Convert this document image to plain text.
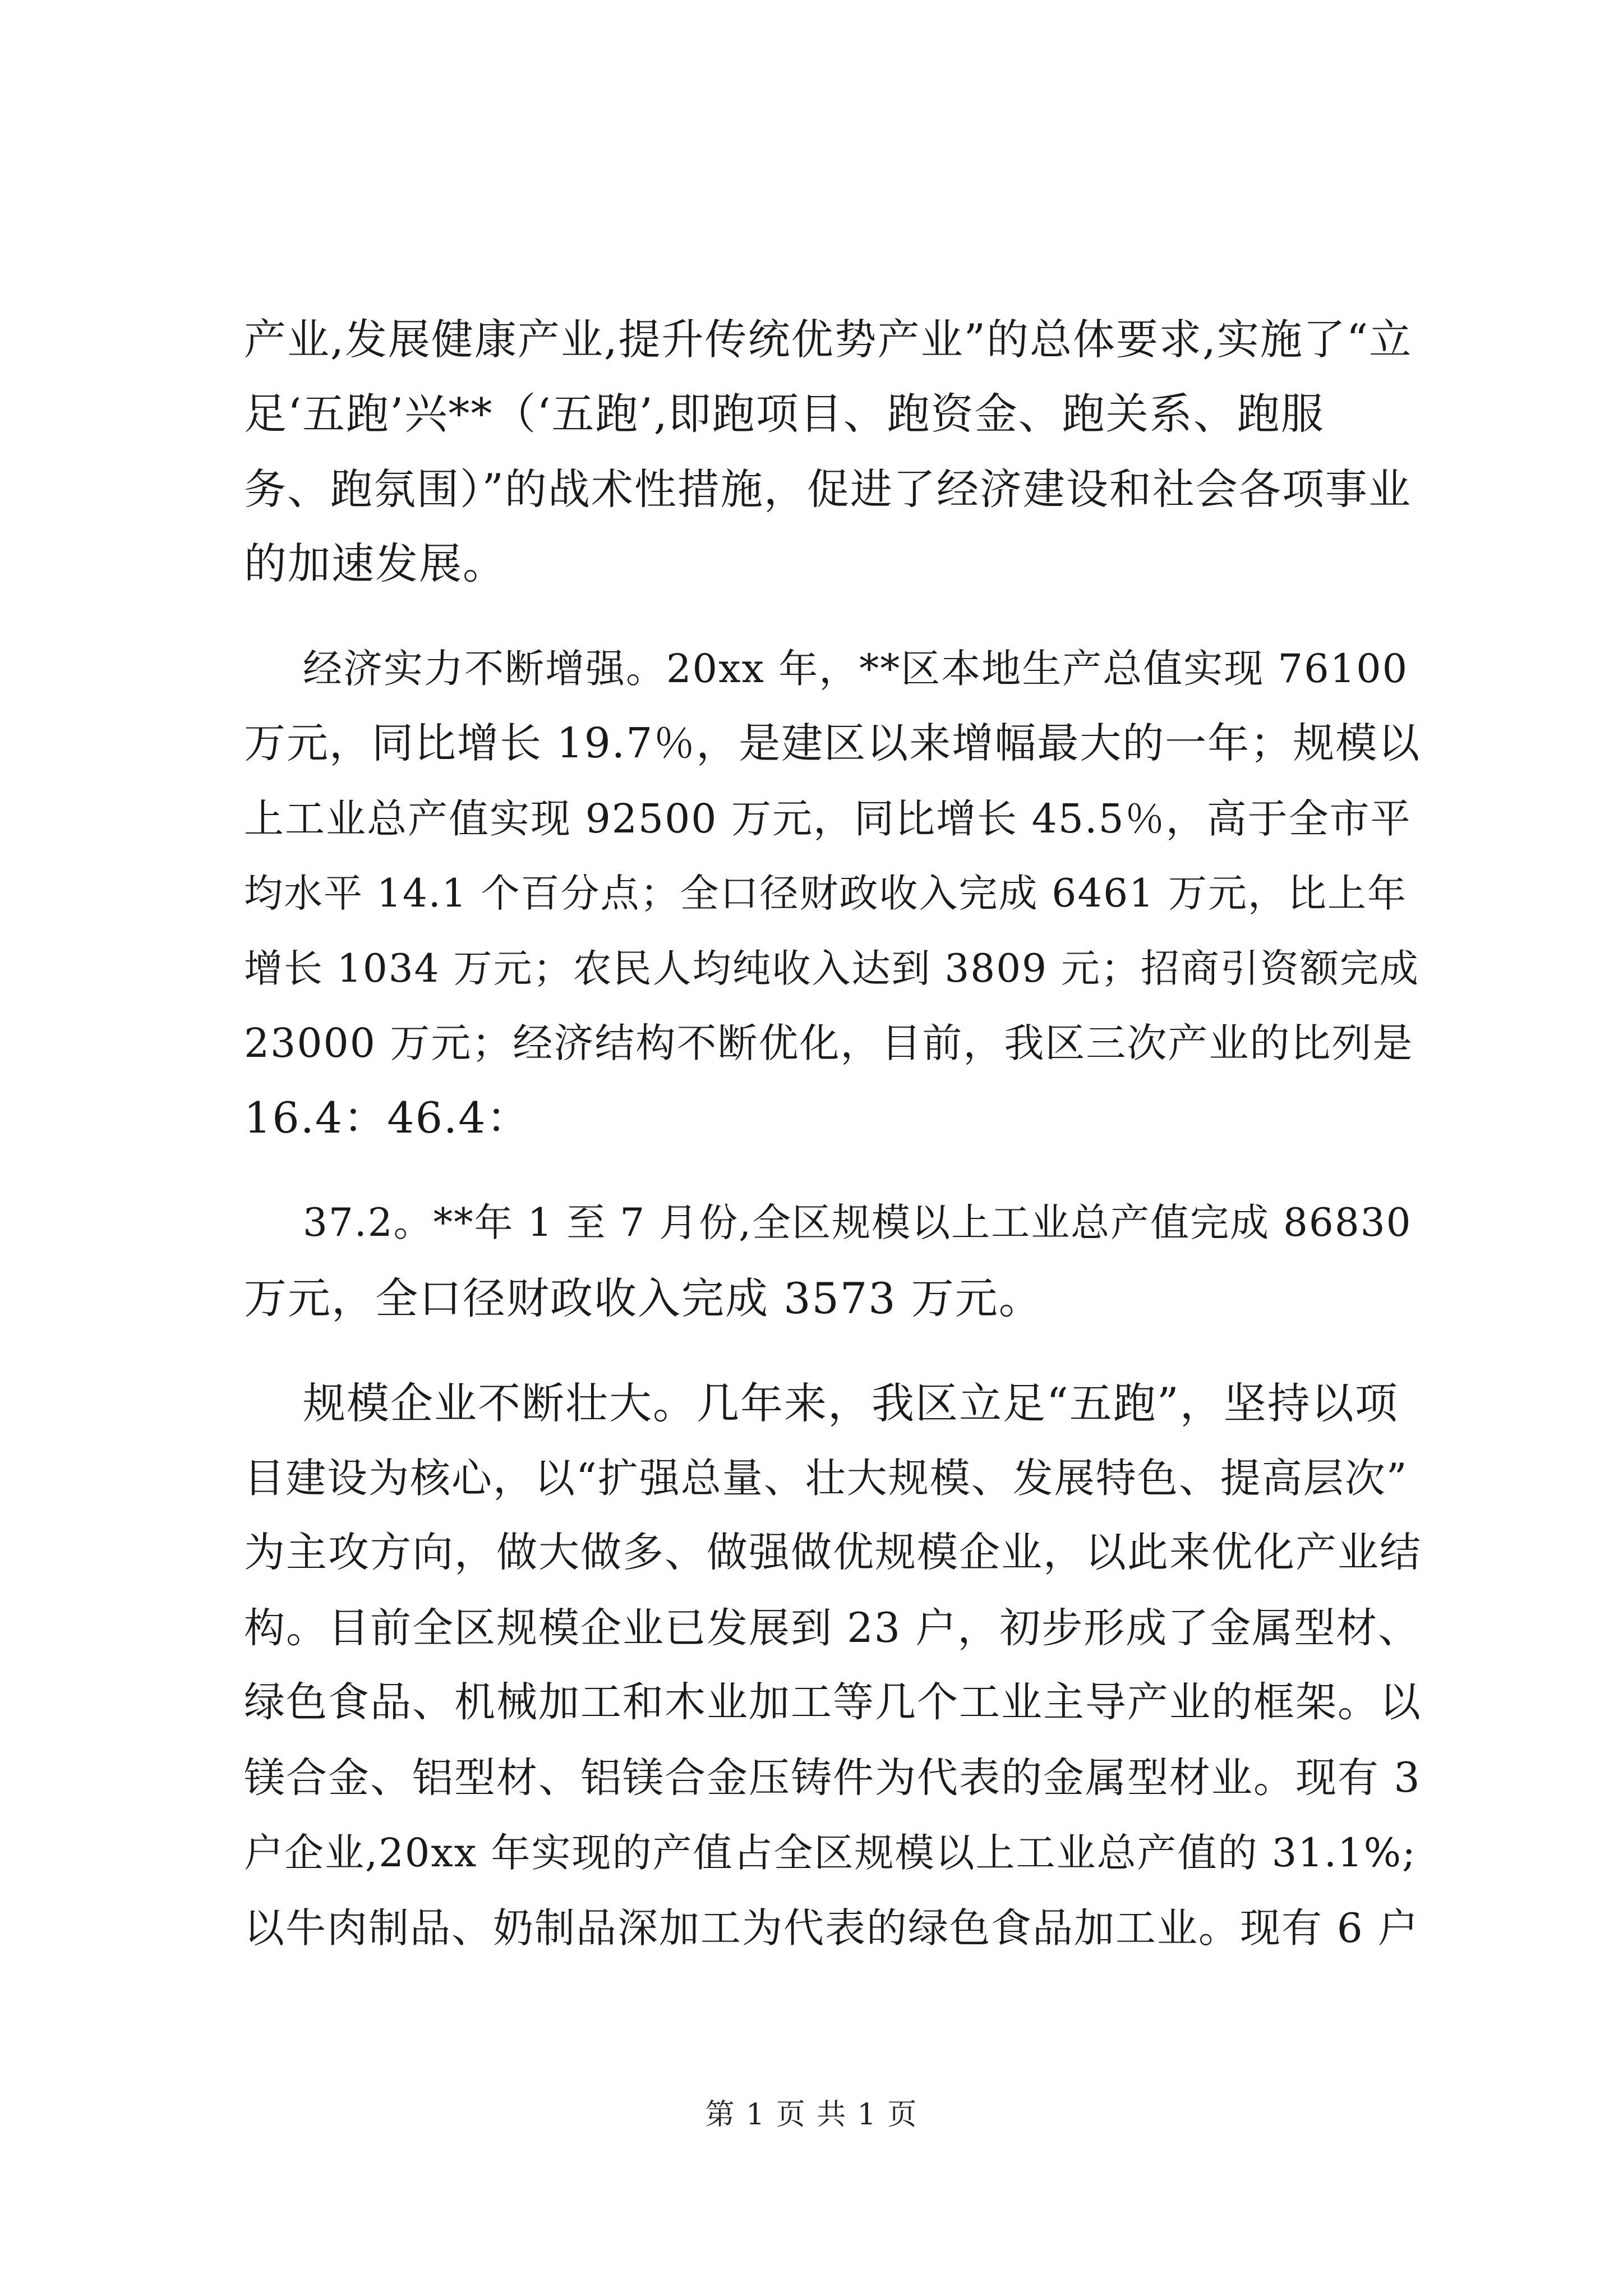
产业,发展健康产业,提升传统优势产业”的总体要求,实施了“立
足‘五跑’兴**（‘五跑’,即跑项目、跑资金、跑关系、跑服
务、跑氛围）”的战术性措施，促进了经济建设和社会各项事业
的加速发展。
经济实力不断增强。20xx 年，**区本地生产总值实现 76100
万元，同比增长 19.7％，是建区以来增幅最大的一年；规模以
上工业总产值实现 92500 万元，同比增长 45.5％，高于全市平
均水平 14.1 个百分点；全口径财政收入完成 6461 万元，比上年
增长 1034 万元；农民人均纯收入达到 3809 元；招商引资额完成
23000 万元；经济结构不断优化，目前，我区三次产业的比列是
16.4：46.4：
37.2。**年 1 至 7 月份,全区规模以上工业总产值完成 86830
万元，全口径财政收入完成 3573 万元。
规模企业不断壮大。几年来，我区立足“五跑”，坚持以项
目建设为核心，以“扩强总量、壮大规模、发展特色、提高层次”
为主攻方向，做大做多、做强做优规模企业，以此来优化产业结
构。目前全区规模企业已发展到 23 户，初步形成了金属型材、
绿色食品、机械加工和木业加工等几个工业主导产业的框架。以
镁合金、铝型材、铝镁合金压铸件为代表的金属型材业。现有 3
户企业,20xx 年实现的产值占全区规模以上工业总产值的 31.1%;
以牛肉制品、奶制品深加工为代表的绿色食品加工业。现有 6 户
第 1 页 共 1 页
